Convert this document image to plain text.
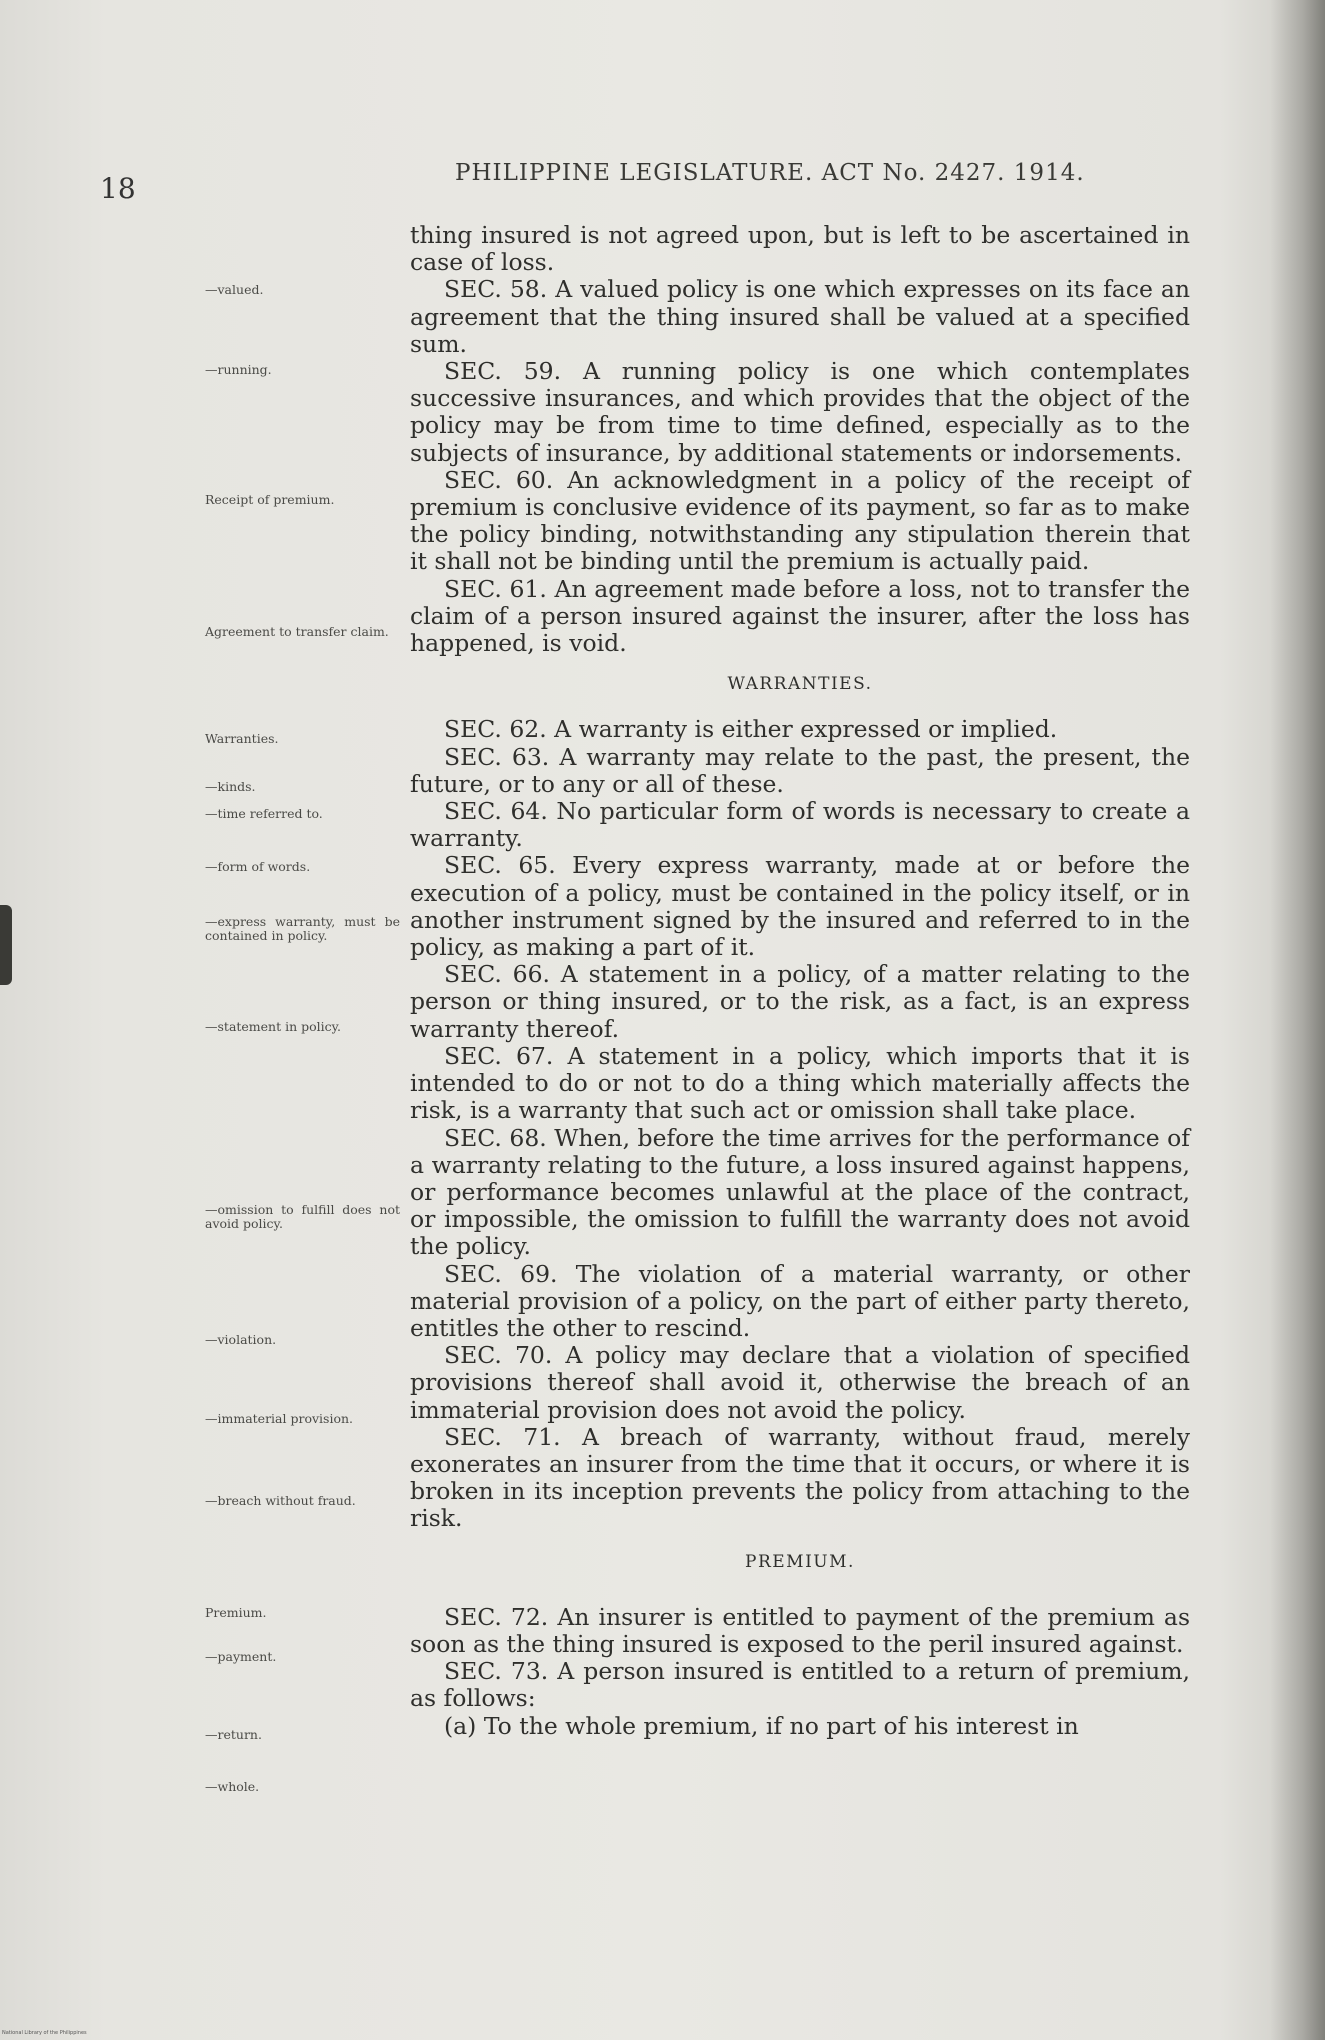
18	PHILIPPINE LEGISLATURE. ACT No. 2427. 1914.
—valued.
—running.
Receipt of premium.
Agreement to transfer claim.
Warranties.
—kinds.
—time referred to.
—form of words.
—express warranty, must be contained in policy.
—statement in policy.
—omission to fulfill does not avoid policy.
—violation.
—immaterial provision.
—breach without fraud.
Premium.
—payment.
—return.
—whole.

thing insured is not agreed upon, but is left to be ascertained in case of loss.

SEC. 58. A valued policy is one which expresses on its face an agreement that the thing insured shall be valued at a specified sum.

SEC. 59. A running policy is one which contemplates successive insurances, and which provides that the object of the policy may be from time to time defined, especially as to the subjects of insurance, by additional statements or indorsements.

SEC. 60. An acknowledgment in a policy of the receipt of premium is conclusive evidence of its payment, so far as to make the policy binding, notwithstanding any stipulation therein that it shall not be binding until the premium is actually paid.

SEC. 61. An agreement made before a loss, not to transfer the claim of a person insured against the insurer, after the loss has happened, is void.

WARRANTIES.

SEC. 62. A warranty is either expressed or implied.

SEC. 63. A warranty may relate to the past, the present, the future, or to any or all of these.

SEC. 64. No particular form of words is necessary to create a warranty.

SEC. 65. Every express warranty, made at or before the execution of a policy, must be contained in the policy itself, or in another instrument signed by the insured and referred to in the policy, as making a part of it.

SEC. 66. A statement in a policy, of a matter relating to the person or thing insured, or to the risk, as a fact, is an express warranty thereof.

SEC. 67. A statement in a policy, which imports that it is intended to do or not to do a thing which materially affects the risk, is a warranty that such act or omission shall take place.

SEC. 68. When, before the time arrives for the performance of a warranty relating to the future, a loss insured against happens, or performance becomes unlawful at the place of the contract, or impossible, the omission to fulfill the warranty does not avoid the policy.

SEC. 69. The violation of a material warranty, or other material provision of a policy, on the part of either party thereto, entitles the other to rescind.

SEC. 70. A policy may declare that a violation of specified provisions thereof shall avoid it, otherwise the breach of an immaterial provision does not avoid the policy.

SEC. 71. A breach of warranty, without fraud, merely exonerates an insurer from the time that it occurs, or where it is broken in its inception prevents the policy from attaching to the risk.

PREMIUM.

SEC. 72. An insurer is entitled to payment of the premium as soon as the thing insured is exposed to the peril insured against.

SEC. 73. A person insured is entitled to a return of premium, as follows:

(a) To the whole premium, if no part of his interest in

National Library of the Philippines
